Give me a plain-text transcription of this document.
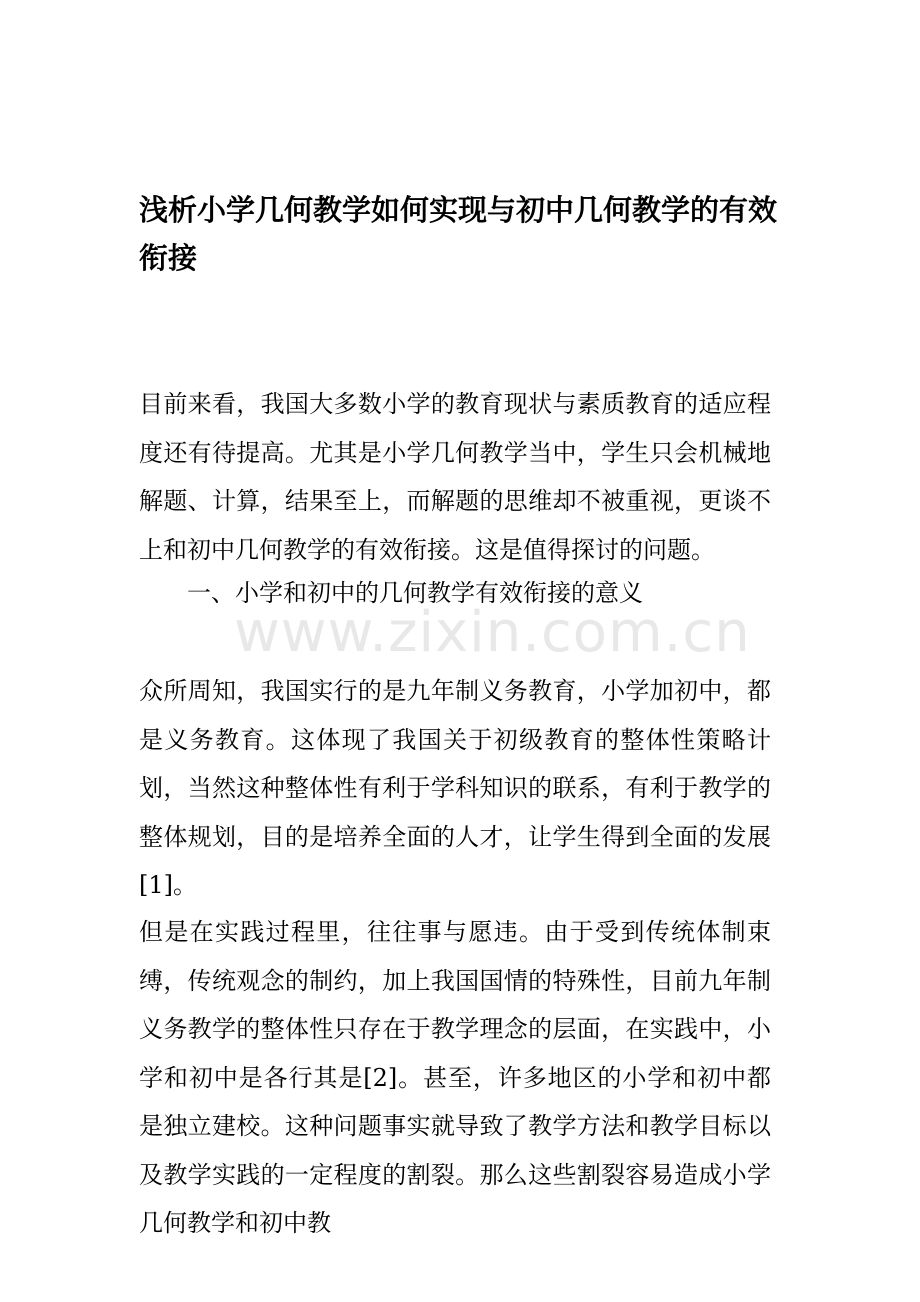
浅析小学几何教学如何实现与初中几何教学的有效衔接

目前来看，我国大多数小学的教育现状与素质教育的适应程度还有待提高。尤其是小学几何教学当中，学生只会机械地解题、计算，结果至上，而解题的思维却不被重视，更谈不上和初中几何教学的有效衔接。这是值得探讨的问题。

一、小学和初中的几何教学有效衔接的意义

www.zixin.com.cn

众所周知，我国实行的是九年制义务教育，小学加初中，都是义务教育。这体现了我国关于初级教育的整体性策略计划，当然这种整体性有利于学科知识的联系，有利于教学的整体规划，目的是培养全面的人才，让学生得到全面的发展[1]。

但是在实践过程里，往往事与愿违。由于受到传统体制束缚，传统观念的制约，加上我国国情的特殊性，目前九年制义务教学的整体性只存在于教学理念的层面，在实践中，小学和初中是各行其是[2]。甚至，许多地区的小学和初中都是独立建校。这种问题事实就导致了教学方法和教学目标以及教学实践的一定程度的割裂。那么这些割裂容易造成小学几何教学和初中教
